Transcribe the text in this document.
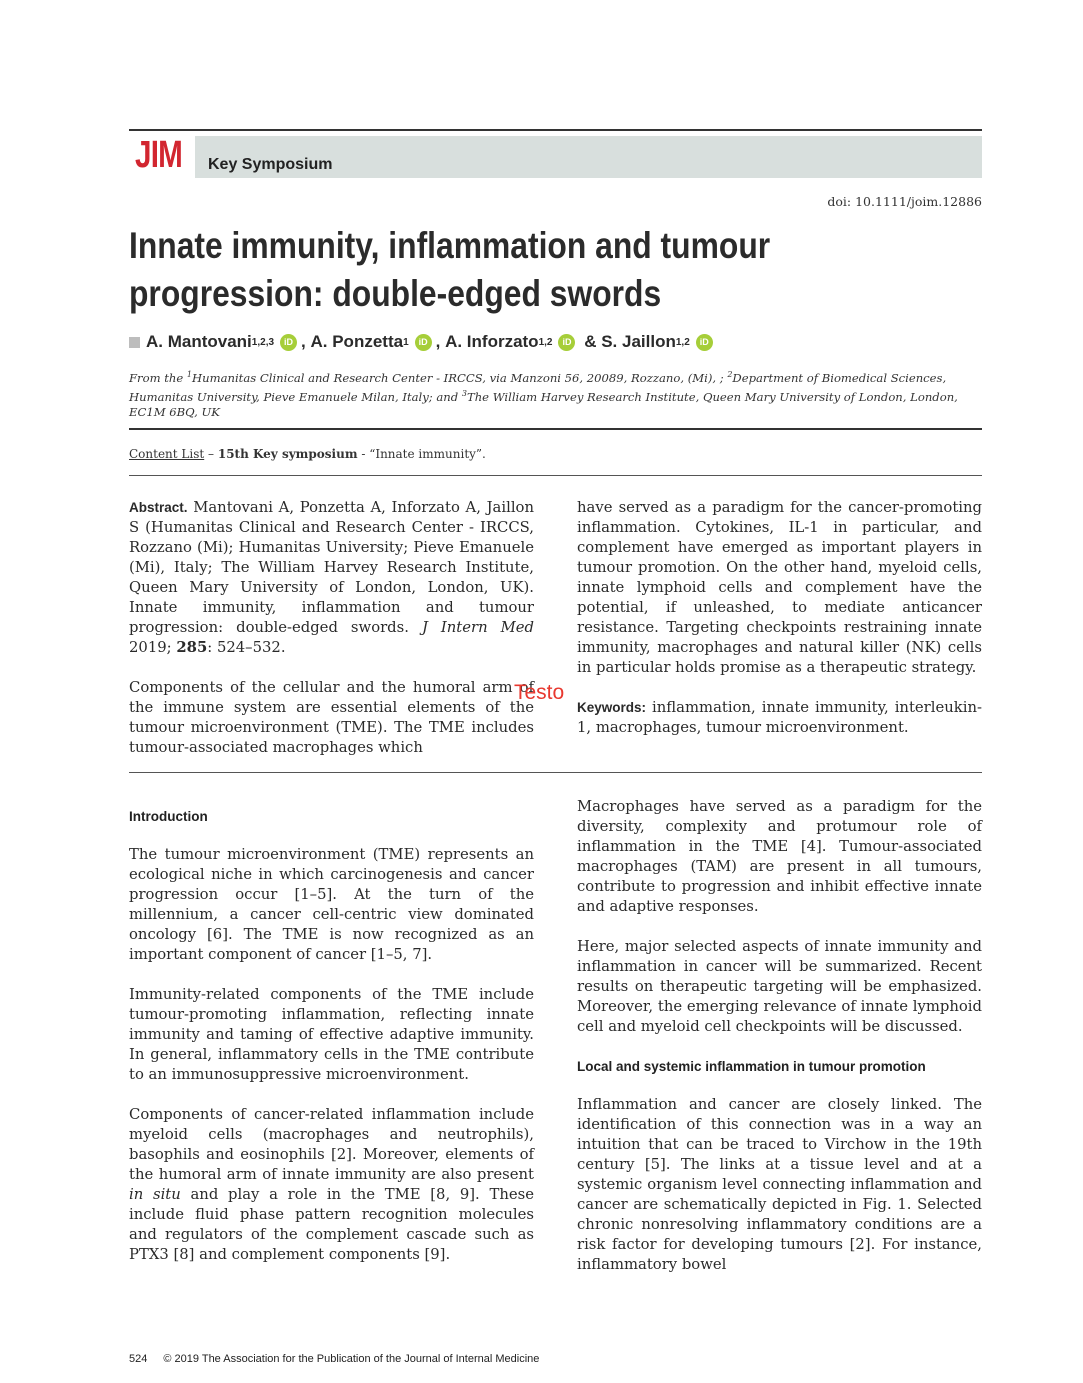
JIM Key Symposium
doi: 10.1111/joim.12886
Innate immunity, inflammation and tumour progression: double-edged swords
A. Mantovani 1,2,3	iD , A. Ponzetta 1	iD , A. Inforzato 1,2	iD & S. Jaillon 1,2	iD
From the $^1$Humanitas Clinical and Research Center - IRCCS, via Manzoni 56, 20089, Rozzano, (Mi), ; $^2$Department of Biomedical Sciences, Humanitas University, Pieve Emanuele Milan, Italy; and $^3$The William Harvey Research Institute, Queen Mary University of London, London, EC1M 6BQ, UK
Content List – 15th Key symposium - “Innate immunity”.

Abstract. Mantovani A, Ponzetta A, Inforzato A, Jaillon S (Humanitas Clinical and Research Center - IRCCS, Rozzano (Mi); Humanitas University; Pieve Emanuele (Mi), Italy; The William Harvey Research Institute, Queen Mary University of London, London, UK). Innate immunity, inflammation and tumour progression: double-edged swords. J Intern Med 2019; 285: 524–532.

Components of the cellular and the humoral arm of the immune system are essential elements of the tumour microenvironment (TME). The TME includes tumour-associated macrophages which

have served as a paradigm for the cancer-promoting inflammation. Cytokines, IL-1 in particular, and complement have emerged as important players in tumour promotion. On the other hand, myeloid cells, innate lymphoid cells and complement have the potential, if unleashed, to mediate anticancer resistance. Targeting checkpoints restraining innate immunity, macrophages and natural killer (NK) cells in particular holds promise as a therapeutic strategy.

Keywords: inflammation, innate immunity, interleukin-1, macrophages, tumour microenvironment.

Testo
Introduction

The tumour microenvironment (TME) represents an ecological niche in which carcinogenesis and cancer progression occur [1–5]. At the turn of the millennium, a cancer cell-centric view dominated oncology [6]. The TME is now recognized as an important component of cancer [1–5, 7].

Immunity-related components of the TME include tumour-promoting inflammation, reflecting innate immunity and taming of effective adaptive immunity. In general, inflammatory cells in the TME contribute to an immunosuppressive microenvironment.

Components of cancer-related inflammation include myeloid cells (macrophages and neutrophils), basophils and eosinophils [2]. Moreover, elements of the humoral arm of innate immunity are also present in situ and play a role in the TME [8, 9]. These include fluid phase pattern recognition molecules and regulators of the complement cascade such as PTX3 [8] and complement components [9].

Macrophages have served as a paradigm for the diversity, complexity and protumour role of inflammation in the TME [4]. Tumour-associated macrophages (TAM) are present in all tumours, contribute to progression and inhibit effective innate and adaptive responses.

Here, major selected aspects of innate immunity and inflammation in cancer will be summarized. Recent results on therapeutic targeting will be emphasized. Moreover, the emerging relevance of innate lymphoid cell and myeloid cell checkpoints will be discussed.

Local and systemic inflammation in tumour promotion

Inflammation and cancer are closely linked. The identification of this connection was in a way an intuition that can be traced to Virchow in the 19th century [5]. The links at a tissue level and at a systemic organism level connecting inflammation and cancer are schematically depicted in Fig. 1. Selected chronic nonresolving inflammatory conditions are a risk factor for developing tumours [2]. For instance, inflammatory bowel

524 © 2019 The Association for the Publication of the Journal of Internal Medicine
